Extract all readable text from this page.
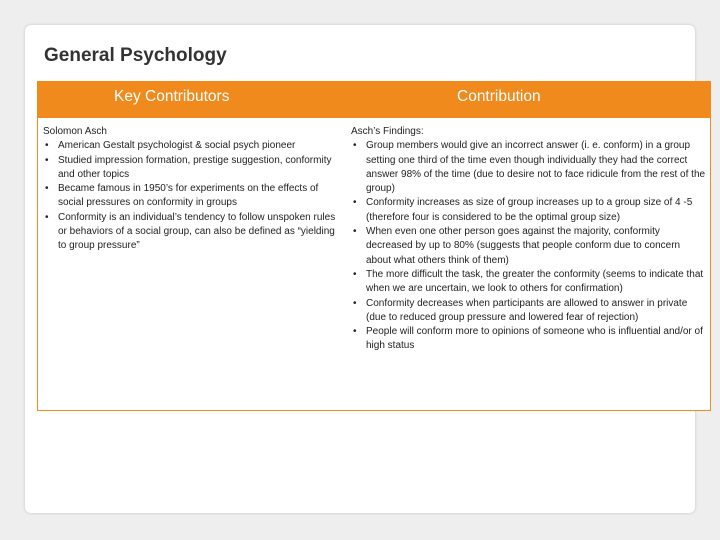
General Psychology
Key Contributors	Contribution
Solomon Asch
• American Gestalt psychologist & social psych pioneer
• Studied impression formation, prestige suggestion, conformity and other topics
• Became famous in 1950’s for experiments on the effects of social pressures on conformity in groups
• Conformity is an individual’s tendency to follow unspoken rules or behaviors of a social group, can also be defined as “yielding to group pressure”
Asch’s Findings:
• Group members would give an incorrect answer (i. e. conform) in a group setting one third of the time even though individually they had the correct answer 98% of the time (due to desire not to face ridicule from the rest of the group)
• Conformity increases as size of group increases up to a group size of 4 -5 (therefore four is considered to be the optimal group size)
• When even one other person goes against the majority, conformity decreased by up to 80% (suggests that people conform due to concern about what others think of them)
• The more difficult the task, the greater the conformity (seems to indicate that when we are uncertain, we look to others for confirmation)
• Conformity decreases when participants are allowed to answer in private (due to reduced group pressure and lowered fear of rejection)
• People will conform more to opinions of someone who is influential and/or of high status
